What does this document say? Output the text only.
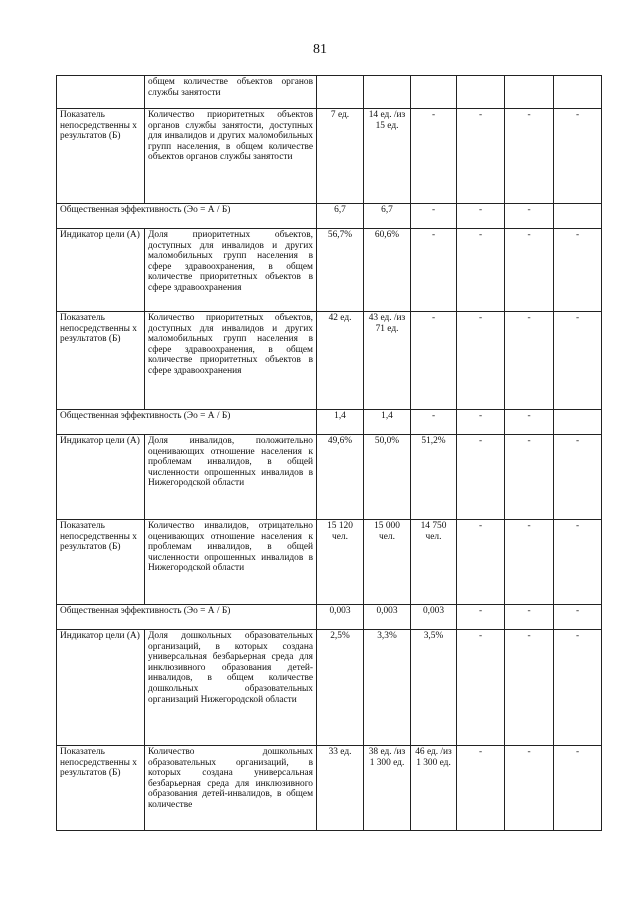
81
	общем количестве объектов органов службы занятости						
Показатель непосредственны х результатов (Б)	Количество приоритетных объектов органов службы занятости, доступных для инвалидов и других маломобильных групп населения, в общем количестве объектов органов службы занятости	7 ед.	14 ед. /из 15 ед.	-	-	-	-
Общественная эффективность (Эо = А / Б)		6,7	6,7	-	-	-	
Индикатор цели (А)	Доля приоритетных объектов, доступных для инвалидов и других маломобильных групп населения в сфере здравоохранения, в общем количестве приоритетных объектов в сфере здравоохранения	56,7%	60,6%	-	-	-	-
Показатель непосредственны х результатов (Б)	Количество приоритетных объектов, доступных для инвалидов и других маломобильных групп населения в сфере здравоохранения, в общем количестве приоритетных объектов в сфере здравоохранения	42 ед.	43 ед. /из 71 ед.	-	-	-	-
Общественная эффективность (Эо = А / Б)		1,4	1,4	-	-	-	
Индикатор цели (А)	Доля инвалидов, положительно оценивающих отношение населения к проблемам инвалидов, в общей численности опрошенных инвалидов в Нижегородской области	49,6%	50,0%	51,2%	-	-	-
Показатель непосредственны х результатов (Б)	Количество инвалидов, отрицательно оценивающих отношение населения к проблемам инвалидов, в общей численности опрошенных инвалидов в Нижегородской области	15 120 чел.	15 000 чел.	14 750 чел.	-	-	-
Общественная эффективность (Эо = А / Б)		0,003	0,003	0,003	-	-	-
Индикатор цели (А)	Доля дошкольных образовательных организаций, в которых создана универсальная безбарьерная среда для инклюзивного образования детей-инвалидов, в общем количестве дошкольных образовательных организаций Нижегородской области	2,5%	3,3%	3,5%	-	-	-
Показатель непосредственны х результатов (Б)	Количество дошкольных образовательных организаций, в которых создана универсальная безбарьерная среда для инклюзивного образования детей-инвалидов, в общем количестве	33 ед.	38 ед. /из 1 300 ед.	46 ед. /из 1 300 ед.	-	-	-
